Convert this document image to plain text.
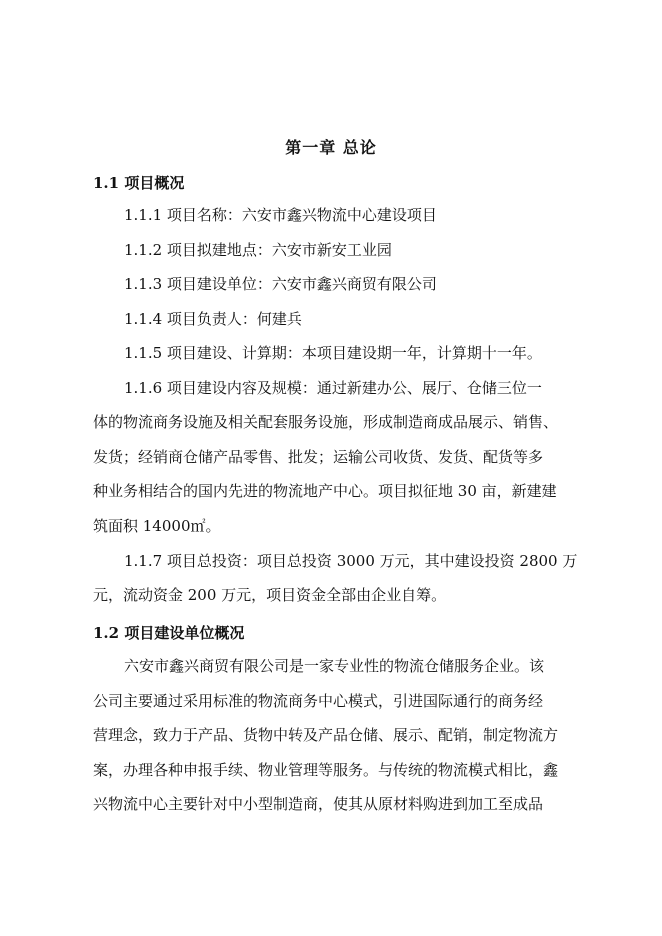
第一章 总论
1.1 项目概况
1.1.1 项目名称：六安市鑫兴物流中心建设项目
1.1.2 项目拟建地点：六安市新安工业园
1.1.3 项目建设单位：六安市鑫兴商贸有限公司
1.1.4 项目负责人：何建兵
1.1.5 项目建设、计算期：本项目建设期一年，计算期十一年。
1.1.6 项目建设内容及规模：通过新建办公、展厅、仓储三位一
体的物流商务设施及相关配套服务设施，形成制造商成品展示、销售、
发货；经销商仓储产品零售、批发；运输公司收货、发货、配货等多
种业务相结合的国内先进的物流地产中心。项目拟征地 30 亩，新建建
筑面积 14000㎡。
1.1.7 项目总投资：项目总投资 3000 万元，其中建设投资 2800 万
元，流动资金 200 万元，项目资金全部由企业自筹。
1.2 项目建设单位概况
六安市鑫兴商贸有限公司是一家专业性的物流仓储服务企业。该
公司主要通过采用标准的物流商务中心模式，引进国际通行的商务经
营理念，致力于产品、货物中转及产品仓储、展示、配销，制定物流方
案，办理各种申报手续、物业管理等服务。与传统的物流模式相比，鑫
兴物流中心主要针对中小型制造商，使其从原材料购进到加工至成品
